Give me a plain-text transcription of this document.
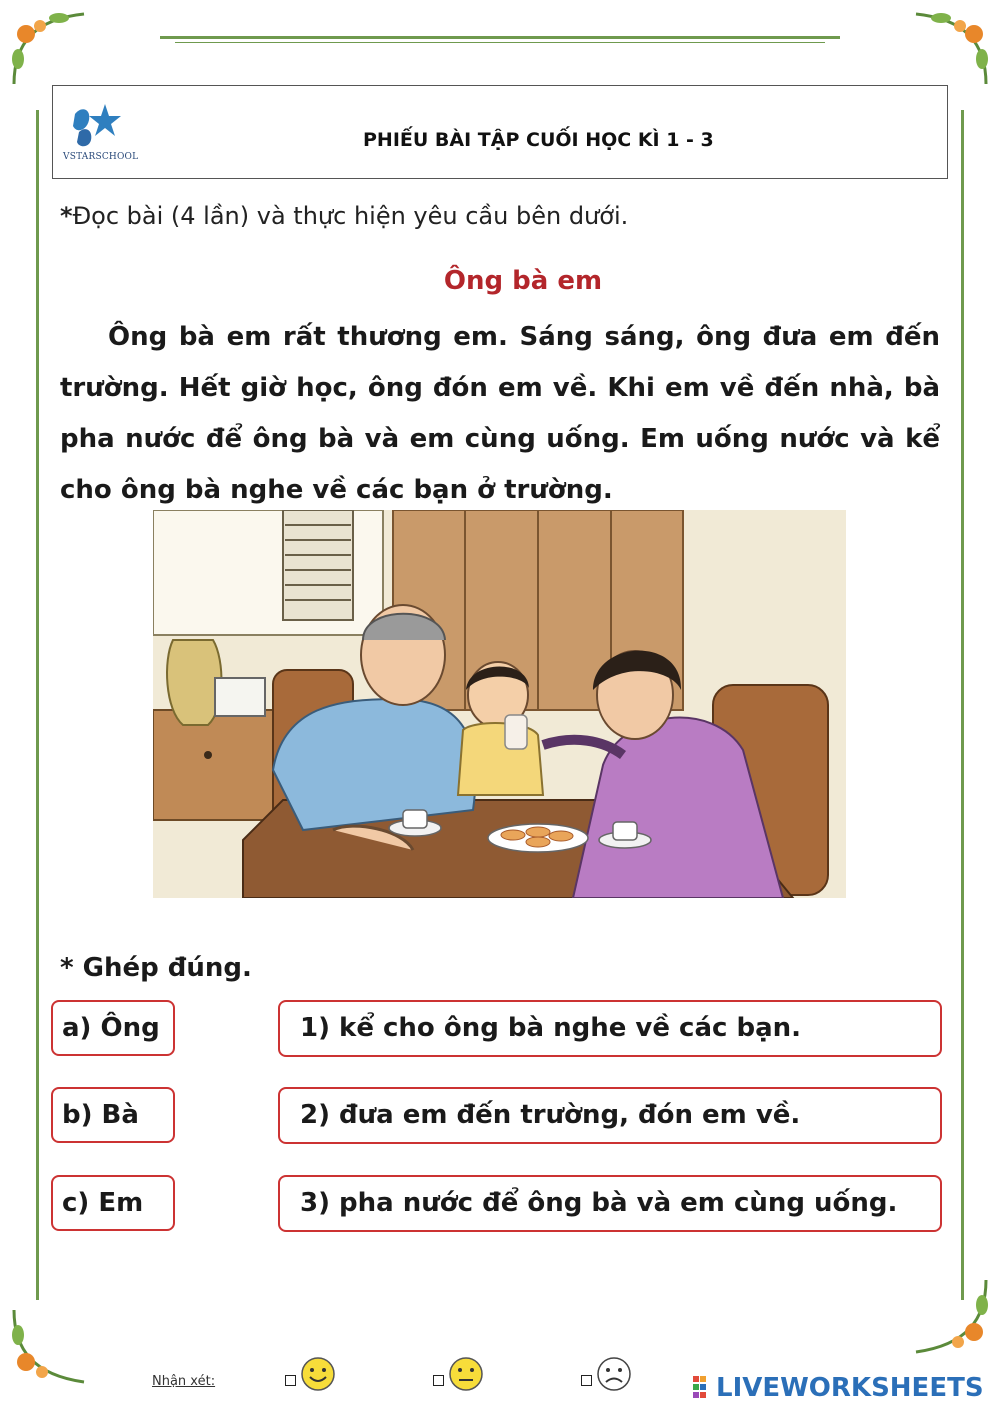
VSTARSCHOOL
PHIẾU BÀI TẬP CUỐI HỌC KÌ 1 - 3
*Đọc bài (4 lần) và thực hiện yêu cầu bên dưới.
Ông bà em
Ông bà em rất thương em. Sáng sáng, ông đưa em đến trường. Hết giờ học, ông đón em về. Khi em về đến nhà, bà pha nước để ông bà và em cùng uống. Em uống nước và kể cho ông bà nghe về các bạn ở trường.
* Ghép đúng.
a) Ông
b) Bà
c) Em
1) kể cho ông bà nghe về các bạn.
2) đưa em đến trường, đón em về.
3) pha nước để ông bà và em cùng uống.
Nhận xét:	LIVEWORKSHEETS
